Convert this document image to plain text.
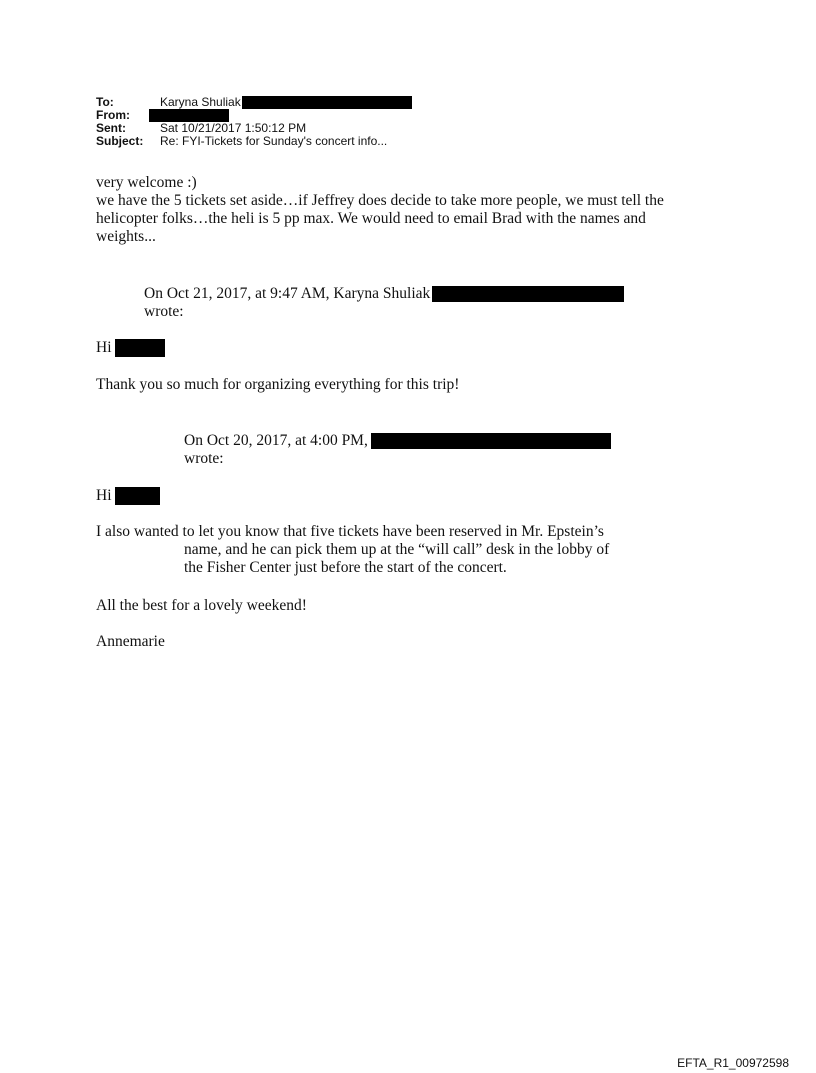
To:	Karyna Shuliak
From:
Sent:	Sat 10/21/2017 1:50:12 PM
Subject: Re: FYI-Tickets for Sunday's concert info...
very welcome :)
we have the 5 tickets set aside…if Jeffrey does decide to take more people, we must tell the
helicopter folks…the heli is 5 pp max. We would need to email Brad with the names and
weights...
On Oct 21, 2017, at 9:47 AM, Karyna Shuliak
wrote:
Hi
Thank you so much for organizing everything for this trip!
On Oct 20, 2017, at 4:00 PM,
wrote:
Hi
I also wanted to let you know that five tickets have been reserved in Mr. Epstein’s
name, and he can pick them up at the “will call” desk in the lobby of
the Fisher Center just before the start of the concert.
All the best for a lovely weekend!
Annemarie
EFTA_R1_00972598
